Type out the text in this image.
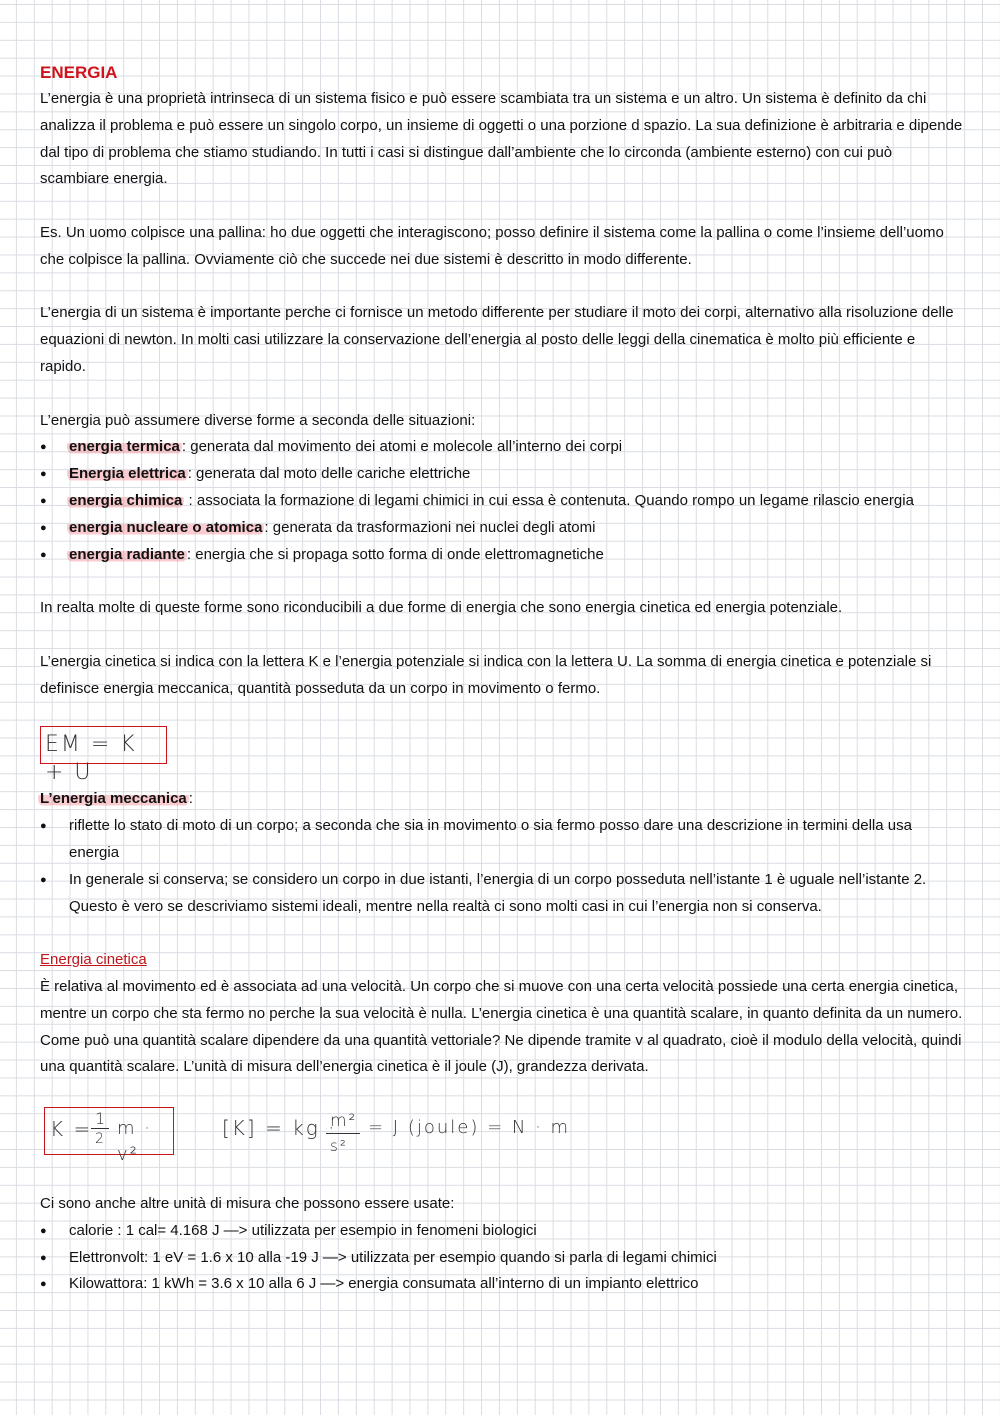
ENERGIA

L’energia è una proprietà intrinseca di un sistema fisico e può essere scambiata tra un sistema e un altro. Un sistema è definito da chi analizza il problema e può essere un singolo corpo, un insieme di oggetti o una porzione d spazio. La sua definizione è arbitraria e dipende dal tipo di problema che stiamo studiando. In tutti i casi si distingue dall’ambiente che lo circonda (ambiente esterno) con cui può scambiare energia.

Es. Un uomo colpisce una pallina: ho due oggetti che interagiscono; posso definire il sistema come la pallina o come l’insieme dell’uomo che colpisce la pallina. Ovviamente ciò che succede nei due sistemi è descritto in modo differente.

L’energia di un sistema è importante perche ci fornisce un metodo differente per studiare il moto dei corpi, alternativo alla risoluzione delle equazioni di newton. In molti casi utilizzare la conservazione dell’energia al posto delle leggi della cinematica è molto più efficiente e rapido.

L’energia può assumere diverse forme a seconda delle situazioni:

● energia termica : generata dal movimento dei atomi e molecole all’interno dei corpi
● Energia elettrica : generata dal moto delle cariche elettriche
● energia chimica : associata la formazione di legami chimici in cui essa è contenuta. Quando rompo un legame rilascio energia
● energia nucleare o atomica : generata da trasformazioni nei nuclei degli atomi
● energia radiante : energia che si propaga sotto forma di onde elettromagnetiche

In realta molte di queste forme sono riconducibili a due forme di energia che sono energia cinetica ed energia potenziale.

L’energia cinetica si indica con la lettera K e l’energia potenziale si indica con la lettera U. La somma di energia cinetica e potenziale si definisce energia meccanica, quantità posseduta da un corpo in movimento o fermo.

EM = K + U

L’energia meccanica :

● riflette lo stato di moto di un corpo; a seconda che sia in movimento o sia fermo posso dare una descrizione in termini della usa energia
● In generale si conserva; se considero un corpo in due istanti, l’energia di un corpo posseduta nell’istante 1 è uguale nell’istante 2. Questo è vero se descriviamo sistemi ideali, mentre nella realtà ci sono molti casi in cui l’energia non si conserva.

Energia cinetica

È relativa al movimento ed è associata ad una velocità. Un corpo che si muove con una certa velocità possiede una certa energia cinetica, mentre un corpo che sta fermo no perche la sua velocità è nulla. L’energia cinetica è una quantità scalare, in quanto definita da un numero. Come può una quantità scalare dipendere da una quantità vettoriale? Ne dipende tramite v al quadrato, cioè il modulo della velocità, quindi una quantità scalare. L’unità di misura dell’energia cinetica è il joule (J), grandezza derivata.

K = 1
2 m · v²
[K] = kg ·
m²
s²
= J (joule) = N · m

Ci sono anche altre unità di misura che possono essere usate:

● calorie : 1 cal= 4.168 J —> utilizzata per esempio in fenomeni biologici
● Elettronvolt: 1 eV = 1.6 x 10 alla -19 J —> utilizzata per esempio quando si parla di legami chimici
● Kilowattora: 1 kWh = 3.6 x 10 alla 6 J —> energia consumata all’interno di un impianto elettrico
